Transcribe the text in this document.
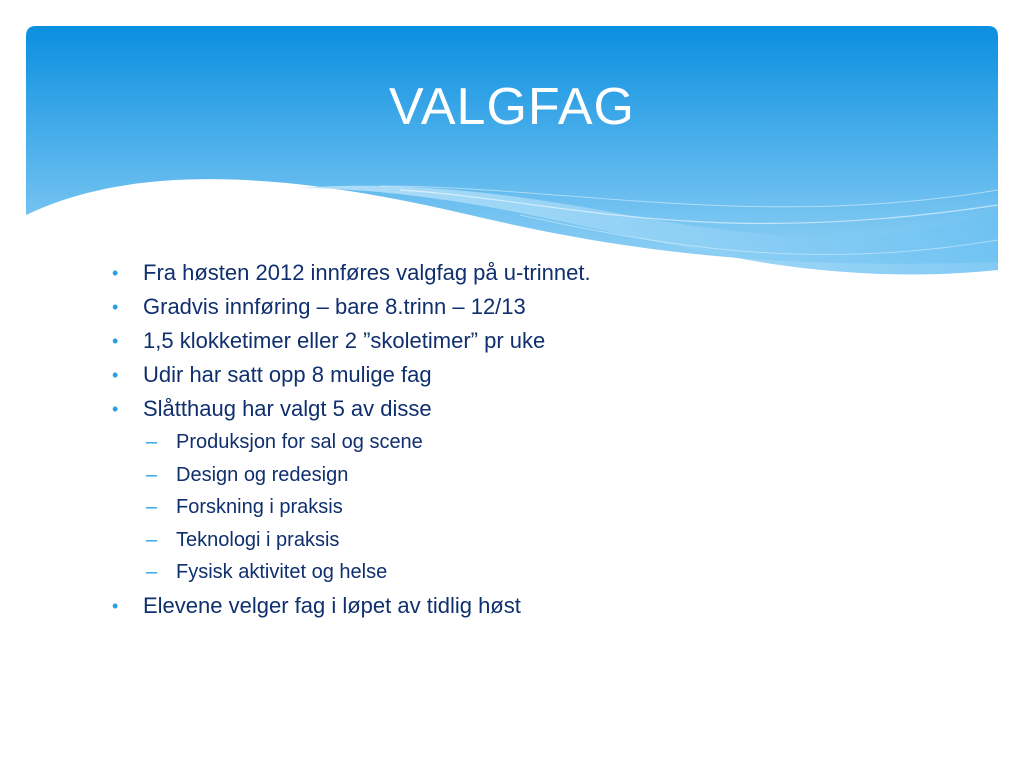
VALGFAG
• Fra høsten 2012 innføres valgfag på u-trinnet.
• Gradvis innføring – bare 8.trinn – 12/13
• 1,5 klokketimer eller 2 ”skoletimer” pr uke
• Udir har satt opp 8 mulige fag
• Slåtthaug har valgt 5 av disse
– Produksjon for sal og scene
– Design og redesign
– Forskning i praksis
– Teknologi i praksis
– Fysisk aktivitet og helse
• Elevene velger fag i løpet av tidlig høst
